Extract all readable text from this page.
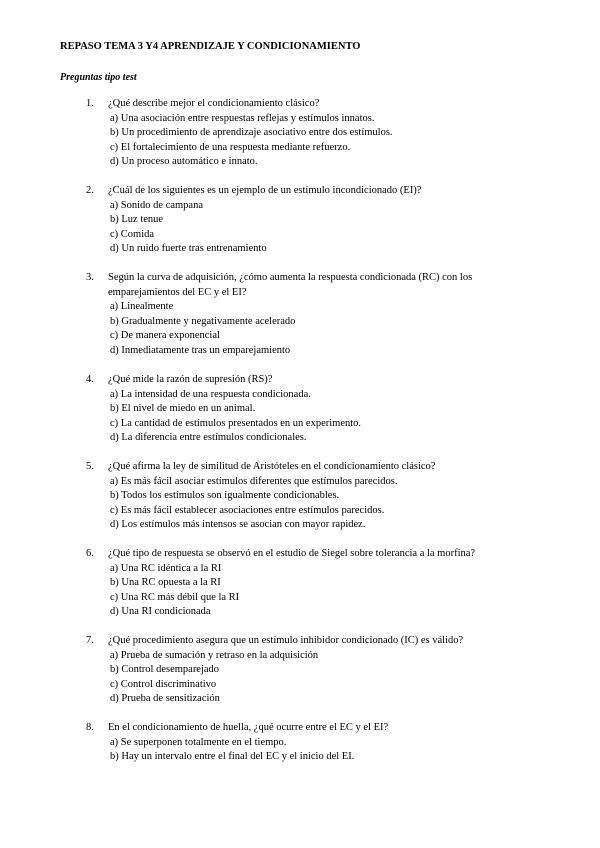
REPASO TEMA 3 Y4 APRENDIZAJE Y CONDICIONAMIENTO
Preguntas tipo test
1.	¿Qué describe mejor el condicionamiento clásico?
a) Una asociación entre respuestas reflejas y estímulos innatos.
b) Un procedimiento de aprendizaje asociativo entre dos estímulos.
c) El fortalecimiento de una respuesta mediante refuerzo.
d) Un proceso automático e innato.
2.	¿Cuál de los siguientes es un ejemplo de un estímulo incondicionado (EI)?
a) Sonido de campana
b) Luz tenue
c) Comida
d) Un ruido fuerte tras entrenamiento
3.	Según la curva de adquisición, ¿cómo aumenta la respuesta condicionada (RC) con los emparejamientos del EC y el EI?
a) Linealmente
b) Gradualmente y negativamente acelerado
c) De manera exponencial
d) Inmediatamente tras un emparejamiento
4.	¿Qué mide la razón de supresión (RS)?
a) La intensidad de una respuesta condicionada.
b) El nivel de miedo en un animal.
c) La cantidad de estímulos presentados en un experimento.
d) La diferencia entre estímulos condicionales.
5.	¿Qué afirma la ley de similitud de Aristóteles en el condicionamiento clásico?
a) Es más fácil asociar estímulos diferentes que estímulos parecidos.
b) Todos los estímulos son igualmente condicionables.
c) Es más fácil establecer asociaciones entre estímulos parecidos.
d) Los estímulos más intensos se asocian con mayor rapidez.
6.	¿Qué tipo de respuesta se observó en el estudio de Siegel sobre tolerancia a la morfina?
a) Una RC idéntica a la RI
b) Una RC opuesta a la RI
c) Una RC más débil que la RI
d) Una RI condicionada
7.	¿Qué procedimiento asegura que un estímulo inhibidor condicionado (IC) es válido?
a) Prueba de sumación y retraso en la adquisición
b) Control desemparejado
c) Control discriminativo
d) Prueba de sensitización
8.	En el condicionamiento de huella, ¿qué ocurre entre el EC y el EI?
a) Se superponen totalmente en el tiempo.
b) Hay un intervalo entre el final del EC y el inicio del EI.
